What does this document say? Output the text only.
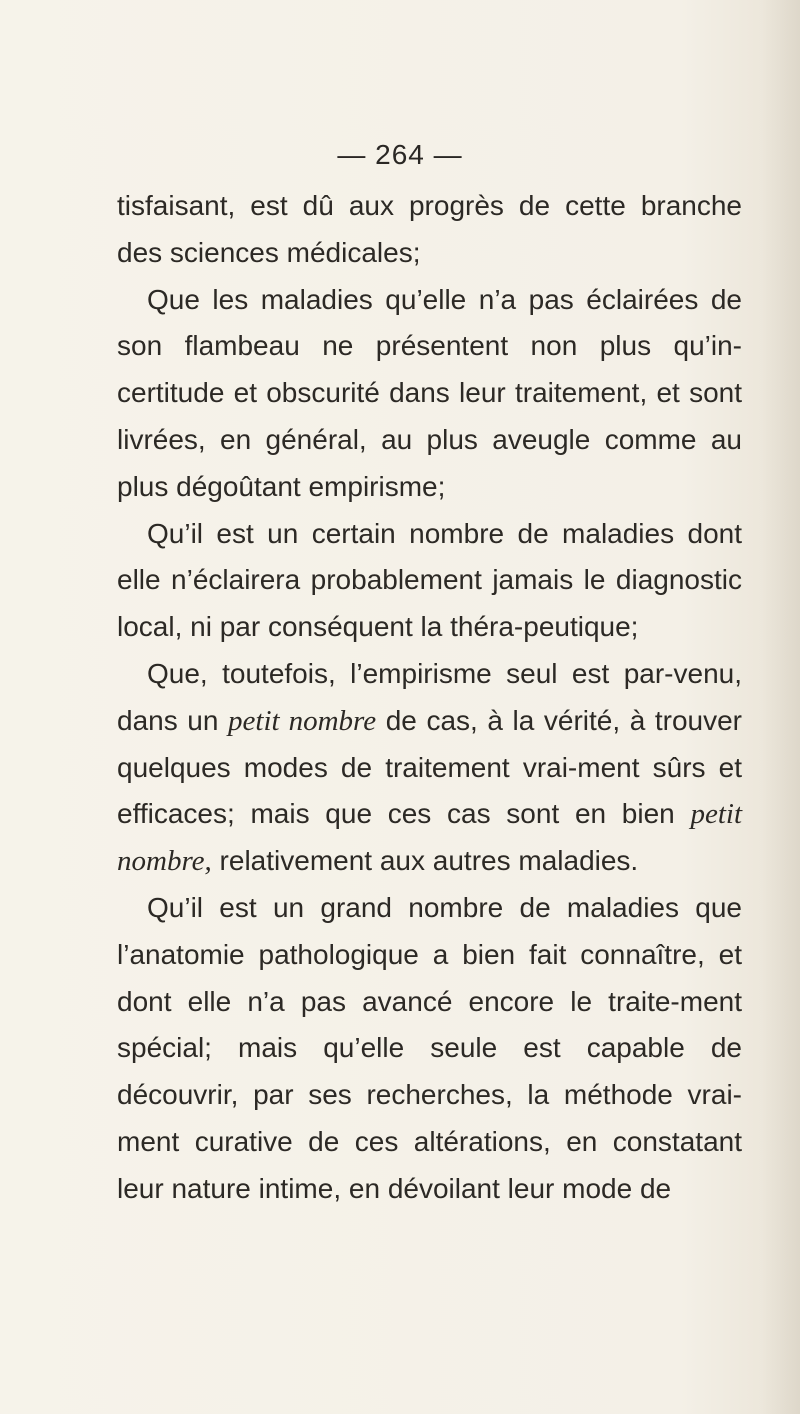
— 264 —

tisfaisant, est dû aux progrès de cette branche des sciences médicales;

Que les maladies qu’elle n’a pas éclairées de son flambeau ne présentent non plus qu’in-certitude et obscurité dans leur traitement, et sont livrées, en général, au plus aveugle comme au plus dégoûtant empirisme;

Qu’il est un certain nombre de maladies dont elle n’éclairera probablement jamais le diagnostic local, ni par conséquent la théra-peutique;

Que, toutefois, l’empirisme seul est par-venu, dans un petit nombre de cas, à la vérité, à trouver quelques modes de traitement vrai-ment sûrs et efficaces; mais que ces cas sont en bien petit nombre, relativement aux autres maladies.

Qu’il est un grand nombre de maladies que l’anatomie pathologique a bien fait connaître, et dont elle n’a pas avancé encore le traite-ment spécial; mais qu’elle seule est capable de découvrir, par ses recherches, la méthode vrai-ment curative de ces altérations, en constatant leur nature intime, en dévoilant leur mode de
